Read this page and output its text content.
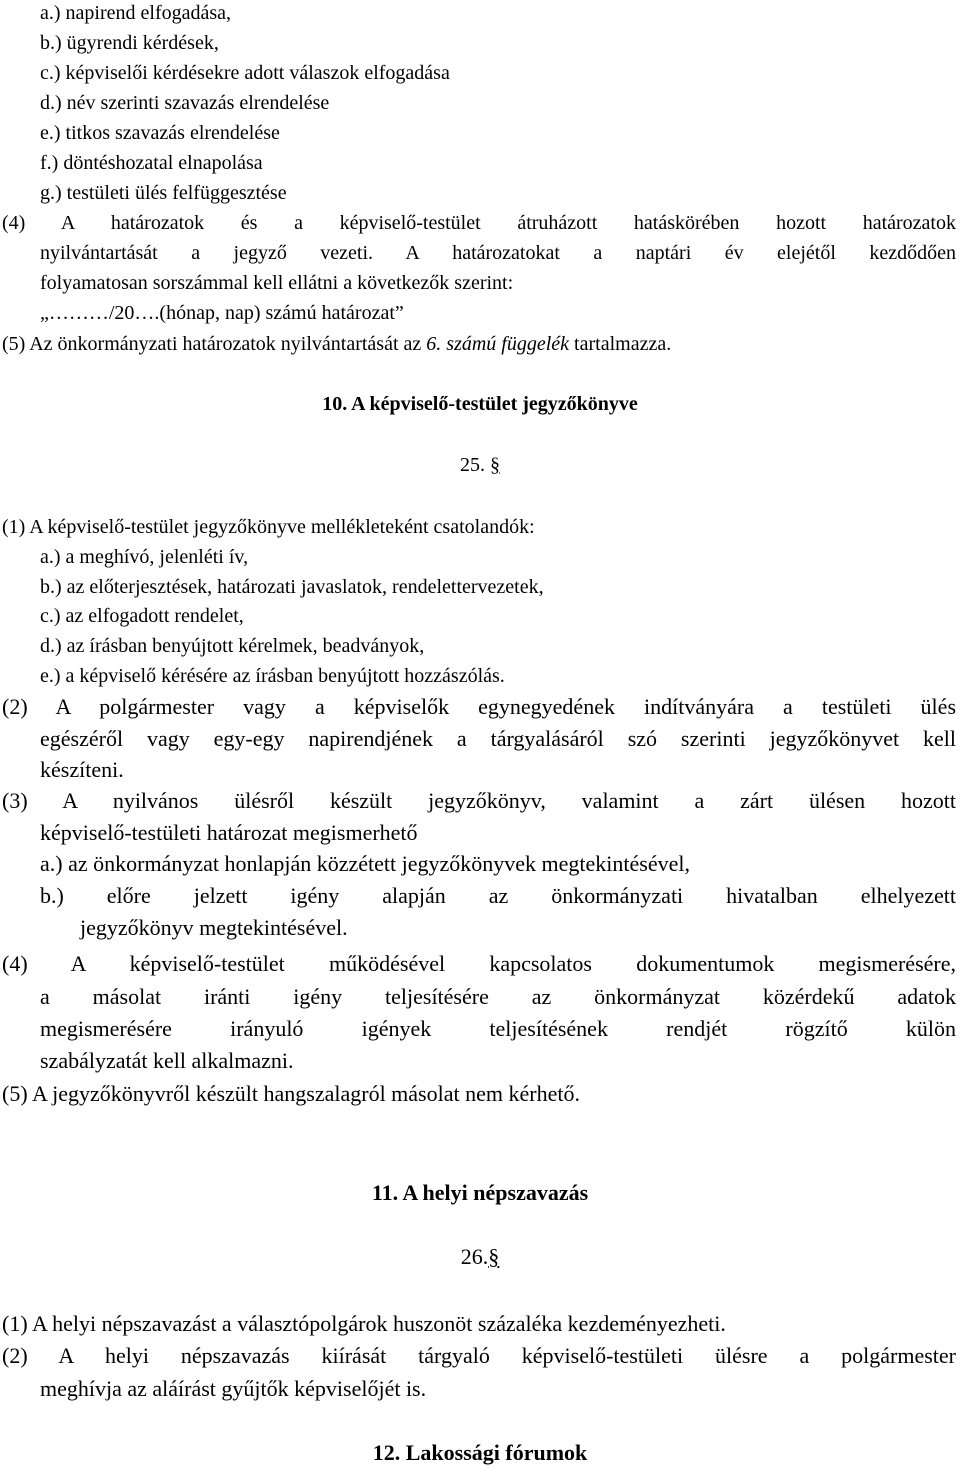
a.) napirend elfogadása,
b.) ügyrendi kérdések,
c.) képviselői kérdésekre adott válaszok elfogadása
d.) név szerinti szavazás elrendelése
e.) titkos szavazás elrendelése
f.) döntéshozatal elnapolása
g.) testületi ülés felfüggesztése
(4) A határozatok és a képviselő-testület átruházott hatáskörében hozott határozatok
nyilvántartását a jegyző vezeti. A határozatokat a naptári év elejétől kezdődően
folyamatosan sorszámmal kell ellátni a következők szerint:
„………/20….(hónap, nap) számú határozat”
(5) Az önkormányzati határozatok nyilvántartását az 6. számú függelék tartalmazza.
10. A képviselő-testület jegyzőkönyve
25. §
(1) A képviselő-testület jegyzőkönyve mellékleteként csatolandók:
a.) a meghívó, jelenléti ív,
b.) az előterjesztések, határozati javaslatok, rendelettervezetek,
c.) az elfogadott rendelet,
d.) az írásban benyújtott kérelmek, beadványok,
e.) a képviselő kérésére az írásban benyújtott hozzászólás.
(2) A polgármester vagy a képviselők egynegyedének indítványára a testületi ülés
egészéről vagy egy-egy napirendjének a tárgyalásáról szó szerinti jegyzőkönyvet kell
készíteni.
(3) A nyilvános ülésről készült jegyzőkönyv, valamint a zárt ülésen hozott
képviselő-testületi határozat megismerhető
a.) az önkormányzat honlapján közzétett jegyzőkönyvek megtekintésével,
b.) előre jelzett igény alapján az önkormányzati hivatalban elhelyezett
jegyzőkönyv megtekintésével.
(4) A képviselő-testület működésével kapcsolatos dokumentumok megismerésére,
a másolat iránti igény teljesítésére az önkormányzat közérdekű adatok
megismerésére irányuló igények teljesítésének rendjét rögzítő külön
szabályzatát kell alkalmazni.
(5) A jegyzőkönyvről készült hangszalagról másolat nem kérhető.
11. A helyi népszavazás
26.§
(1) A helyi népszavazást a választópolgárok huszonöt százaléka kezdeményezheti.
(2) A helyi népszavazás kiírását tárgyaló képviselő-testületi ülésre a polgármester
meghívja az aláírást gyűjtők képviselőjét is.
12. Lakossági fórumok
